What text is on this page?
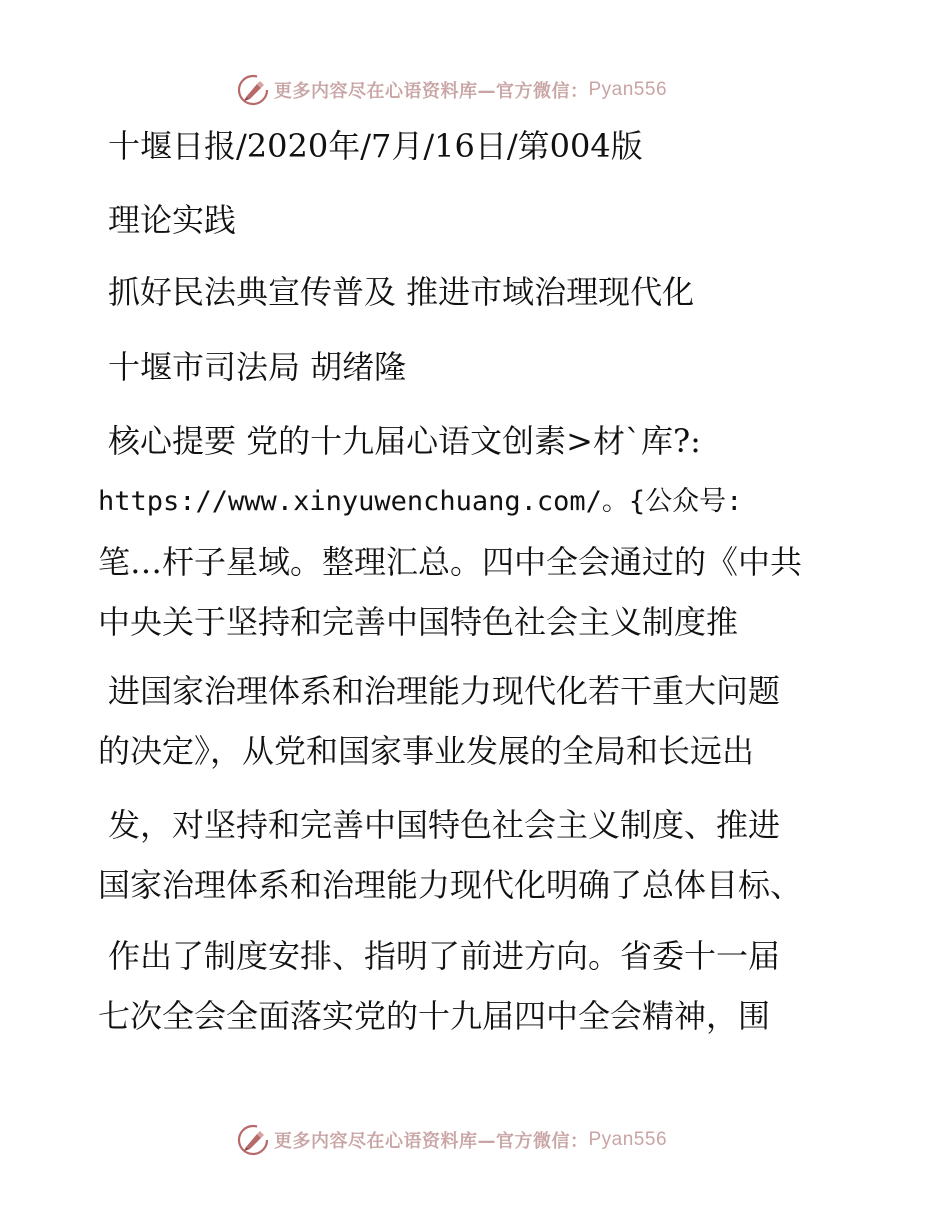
更多内容尽在心语资料库—官方微信： Pyan556
十堰日报/2020年/7月/16日/第004版
理论实践
抓好民法典宣传普及 推进市域治理现代化
十堰市司法局 胡绪隆
核心提要 党的十九届心语文创素>材`库?:
https://www.xinyuwenchuang.com/。{公众号:
笔…杆子星域。整理汇总。四中全会通过的《中共
中央关于坚持和完善中国特色社会主义制度推
进国家治理体系和治理能力现代化若干重大问题
的决定》，从党和国家事业发展的全局和长远出
发，对坚持和完善中国特色社会主义制度、推进
国家治理体系和治理能力现代化明确了总体目标、
作出了制度安排、指明了前进方向。省委十一届
七次全会全面落实党的十九届四中全会精神，围
更多内容尽在心语资料库—官方微信： Pyan556
